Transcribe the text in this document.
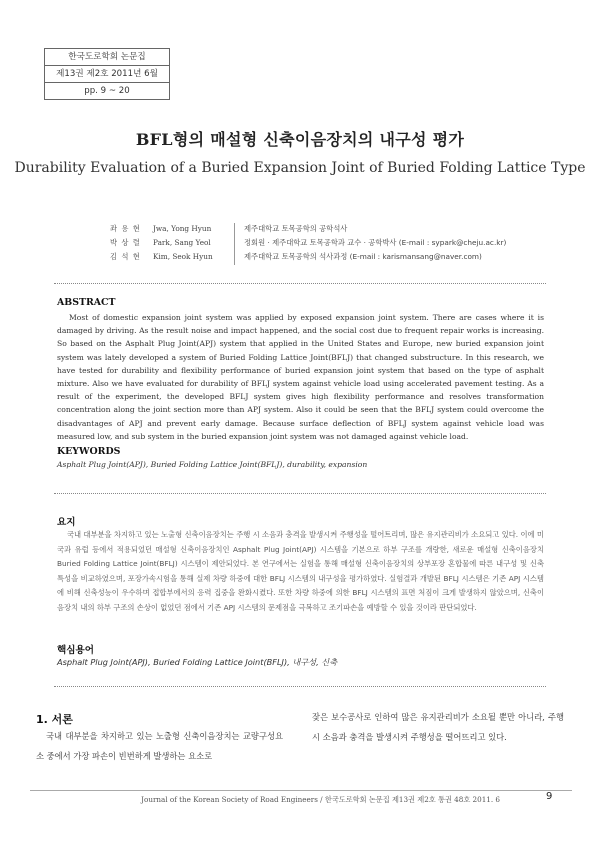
한국도로학회 논문집
제13권 제2호 2011년 6월
pp. 9 ~ 20
BFL형의 매설형 신축이음장치의 내구성 평가
Durability Evaluation of a Buried Expansion Joint of Buried Folding Lattice Type
좌 용 현	Jwa, Yong Hyun	제주대학교 토목공학의 공학석사
박 상 렬	Park, Sang Yeol	정회원 · 제주대학교 토목공학과 교수 · 공학박사 (E-mail : sypark@cheju.ac.kr)
김 석 현	Kim, Seok Hyun	제주대학교 토목공학의 석사과정 (E-mail : karismansang@naver.com)
ABSTRACT
Most of domestic expansion joint system was applied by exposed expansion joint system. There are cases where it is damaged by driving. As the result noise and impact happened, and the social cost due to frequent repair works is increasing. So based on the Asphalt Plug Joint(APJ) system that applied in the United States and Europe, new buried expansion joint system was lately developed a system of Buried Folding Lattice Joint(BFLJ) that changed substructure. In this research, we have tested for durability and flexibility performance of buried expansion joint system that based on the type of asphalt mixture. Also we have evaluated for durability of BFLJ system against vehicle load using accelerated pavement testing. As a result of the experiment, the developed BFLJ system gives high flexibility performance and resolves transformation concentration along the joint section more than APJ system. Also it could be seen that the BFLJ system could overcome the disadvantages of APJ and prevent early damage. Because surface deflection of BFLJ system against vehicle load was measured low, and sub system in the buried expansion joint system was not damaged against vehicle load.
KEYWORDS
Asphalt Plug Joint(APJ), Buried Folding Lattice Joint(BFLJ), durability, expansion
요지
국내 대부분을 차지하고 있는 노출형 신축이음장치는 주행 시 소음과 충격을 발생시켜 주행성을 떨어트리며, 많은 유지관리비가 소요되고 있다. 이에 미국과 유럽 등에서 적용되었던 매설형 신축이음장치인 Asphalt Plug Joint(APJ) 시스템을 기본으로 하부 구조를 개량한, 새로운 매설형 신축이음장치 Buried Folding Lattice Joint(BFLJ) 시스템이 제안되었다. 본 연구에서는 실험을 통해 매설형 신축이음장치의 상부포장 혼합물에 따른 내구성 및 신축 특성을 비교하였으며, 포장가속시험을 통해 실제 차량 하중에 대한 BFLJ 시스템의 내구성을 평가하였다. 실험결과 개발된 BFLJ 시스템은 기존 APJ 시스템에 비해 신축성능이 우수하며 접합부에서의 응력 집중을 완화시켰다. 또한 차량 하중에 의한 BFLJ 시스템의 표면 처짐이 크게 발생하지 않았으며, 신축이음장치 내의 하부 구조의 손상이 없었던 점에서 기존 APJ 시스템의 문제점을 극복하고 조기파손을 예방할 수 있을 것이라 판단되었다.
핵심용어
Asphalt Plug Joint(APJ), Buried Folding Lattice Joint(BFLJ), 내구성, 신축
1. 서론
국내 대부분을 차지하고 있는 노출형 신축이음장치는 교량구성요소 중에서 가장 파손이 빈번하게 발생하는 요소로
잦은 보수공사로 인하여 많은 유지관리비가 소요될 뿐만 아니라, 주행 시 소음과 충격을 발생시켜 주행성을 떨어뜨리고 있다.
Journal of the Korean Society of Road Engineers / 한국도로학회 논문집 제13권 제2호 통권 48호 2011. 6	9
